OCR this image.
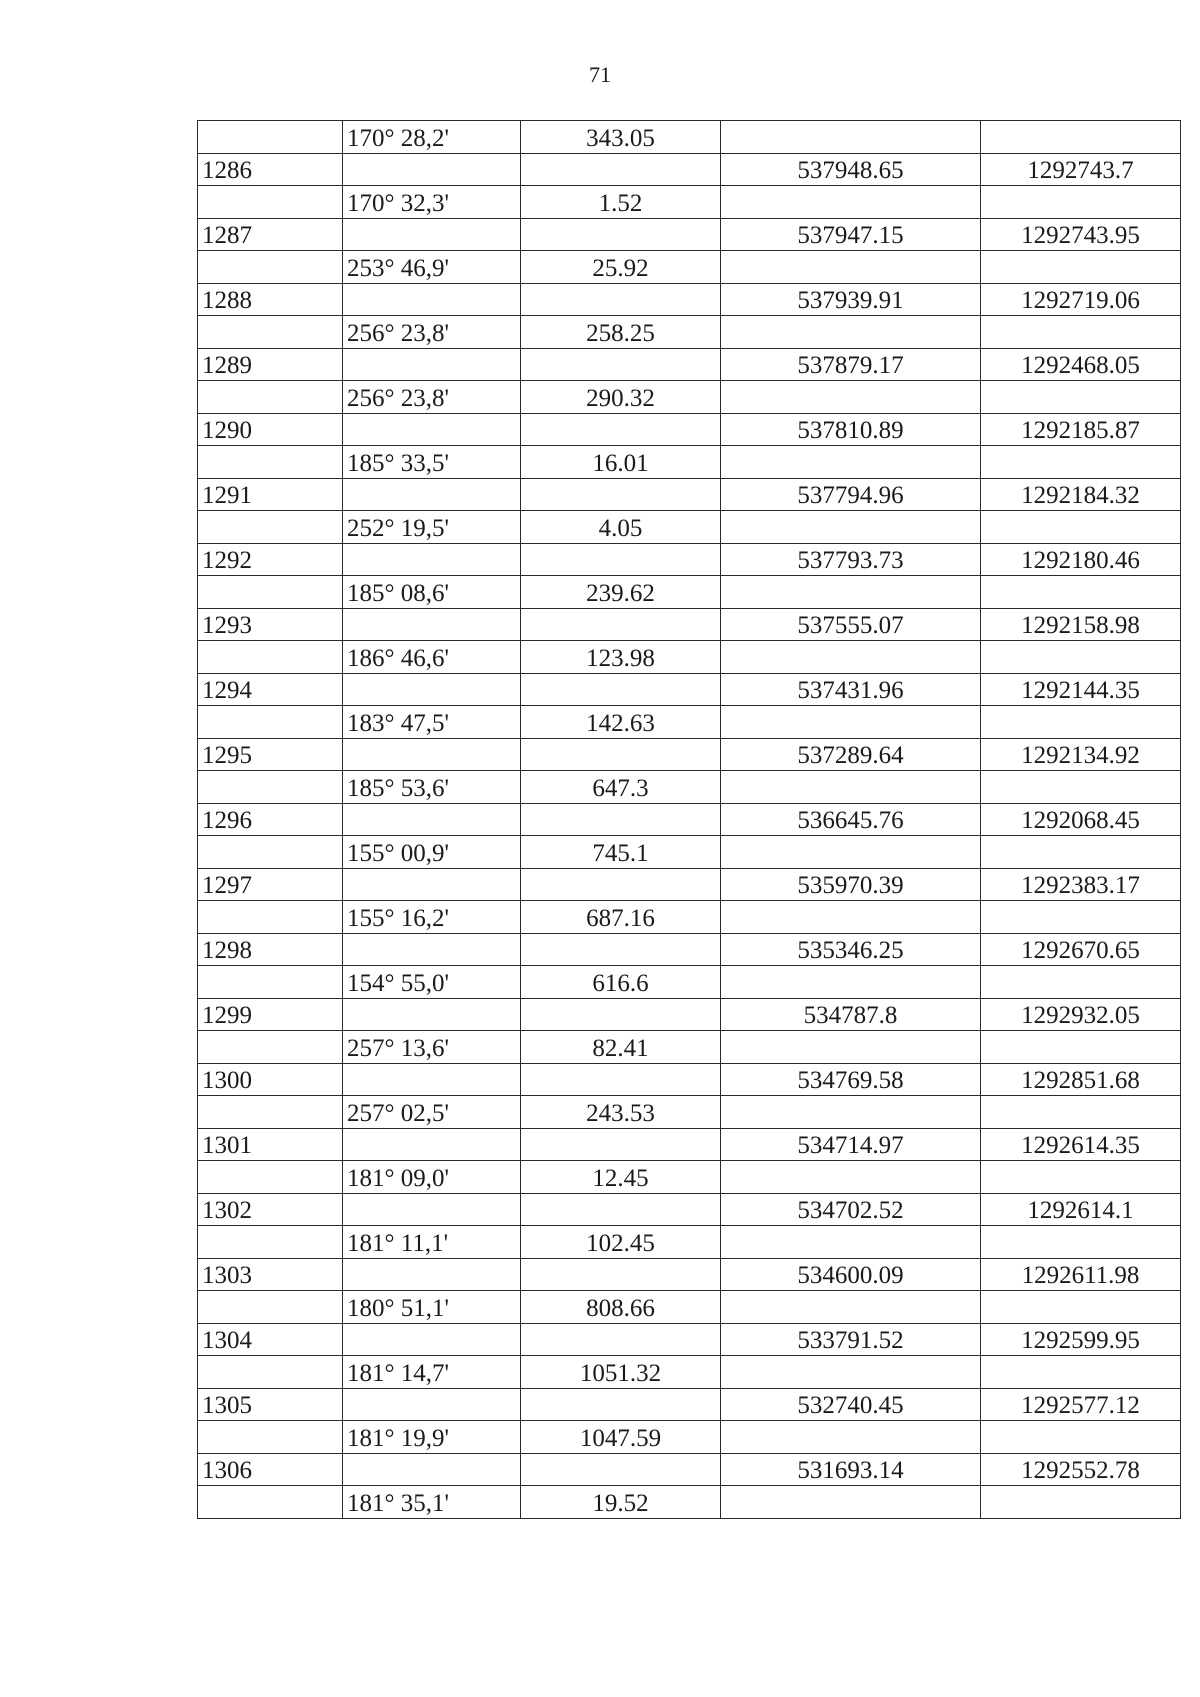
71
	170° 28,2'	343.05		
1286			537948.65	1292743.7
	170° 32,3'	1.52		
1287			537947.15	1292743.95
	253° 46,9'	25.92		
1288			537939.91	1292719.06
	256° 23,8'	258.25		
1289			537879.17	1292468.05
	256° 23,8'	290.32		
1290			537810.89	1292185.87
	185° 33,5'	16.01		
1291			537794.96	1292184.32
	252° 19,5'	4.05		
1292			537793.73	1292180.46
	185° 08,6'	239.62		
1293			537555.07	1292158.98
	186° 46,6'	123.98		
1294			537431.96	1292144.35
	183° 47,5'	142.63		
1295			537289.64	1292134.92
	185° 53,6'	647.3		
1296			536645.76	1292068.45
	155° 00,9'	745.1		
1297			535970.39	1292383.17
	155° 16,2'	687.16		
1298			535346.25	1292670.65
	154° 55,0'	616.6		
1299			534787.8	1292932.05
	257° 13,6'	82.41		
1300			534769.58	1292851.68
	257° 02,5'	243.53		
1301			534714.97	1292614.35
	181° 09,0'	12.45		
1302			534702.52	1292614.1
	181° 11,1'	102.45		
1303			534600.09	1292611.98
	180° 51,1'	808.66		
1304			533791.52	1292599.95
	181° 14,7'	1051.32		
1305			532740.45	1292577.12
	181° 19,9'	1047.59		
1306			531693.14	1292552.78
	181° 35,1'	19.52		
